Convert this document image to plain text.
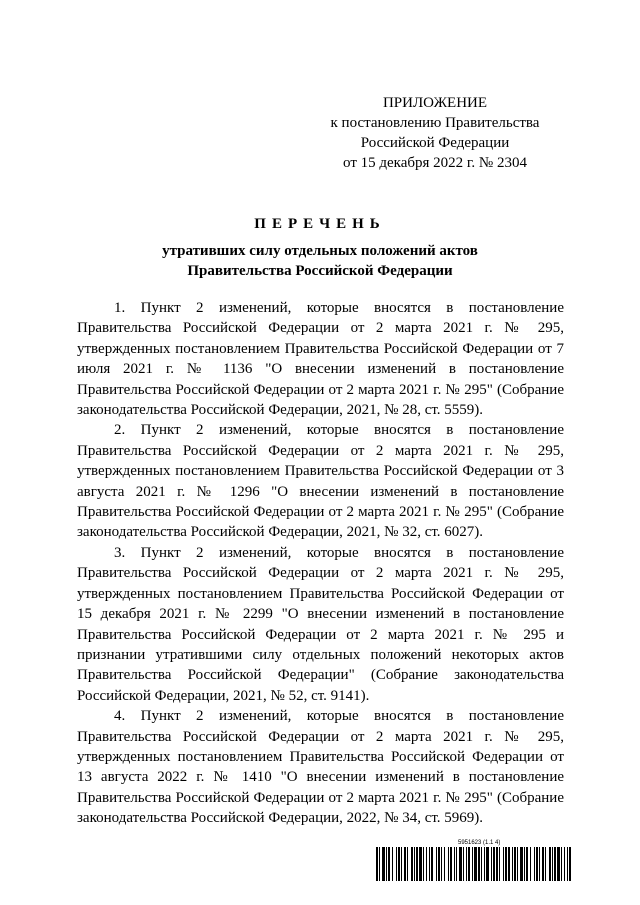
ПРИЛОЖЕНИЕ
к постановлению Правительства
Российской Федерации
от 15 декабря 2022 г. № 2304
ПЕРЕЧЕНЬ
утративших силу отдельных положений актов
Правительства Российской Федерации

1. Пункт 2 изменений, которые вносятся в постановление Правительства Российской Федерации от 2 марта 2021 г. № 295, утвержденных постановлением Правительства Российской Федерации от 7 июля 2021 г. № 1136 "О внесении изменений в постановление Правительства Российской Федерации от 2 марта 2021 г. № 295" (Собрание законодательства Российской Федерации, 2021, № 28, ст. 5559).

2. Пункт 2 изменений, которые вносятся в постановление Правительства Российской Федерации от 2 марта 2021 г. № 295, утвержденных постановлением Правительства Российской Федерации от 3 августа 2021 г. № 1296 "О внесении изменений в постановление Правительства Российской Федерации от 2 марта 2021 г. № 295" (Собрание законодательства Российской Федерации, 2021, № 32, ст. 6027).

3. Пункт 2 изменений, которые вносятся в постановление Правительства Российской Федерации от 2 марта 2021 г. № 295, утвержденных постановлением Правительства Российской Федерации от 15 декабря 2021 г. № 2299 "О внесении изменений в постановление Правительства Российской Федерации от 2 марта 2021 г. № 295 и признании утратившими силу отдельных положений некоторых актов Правительства Российской Федерации" (Собрание законодательства Российской Федерации, 2021, № 52, ст. 9141).

4. Пункт 2 изменений, которые вносятся в постановление Правительства Российской Федерации от 2 марта 2021 г. № 295, утвержденных постановлением Правительства Российской Федерации от 13 августа 2022 г. № 1410 "О внесении изменений в постановление Правительства Российской Федерации от 2 марта 2021 г. № 295" (Собрание законодательства Российской Федерации, 2022, № 34, ст. 5969).

5951623 (1.1 4)
